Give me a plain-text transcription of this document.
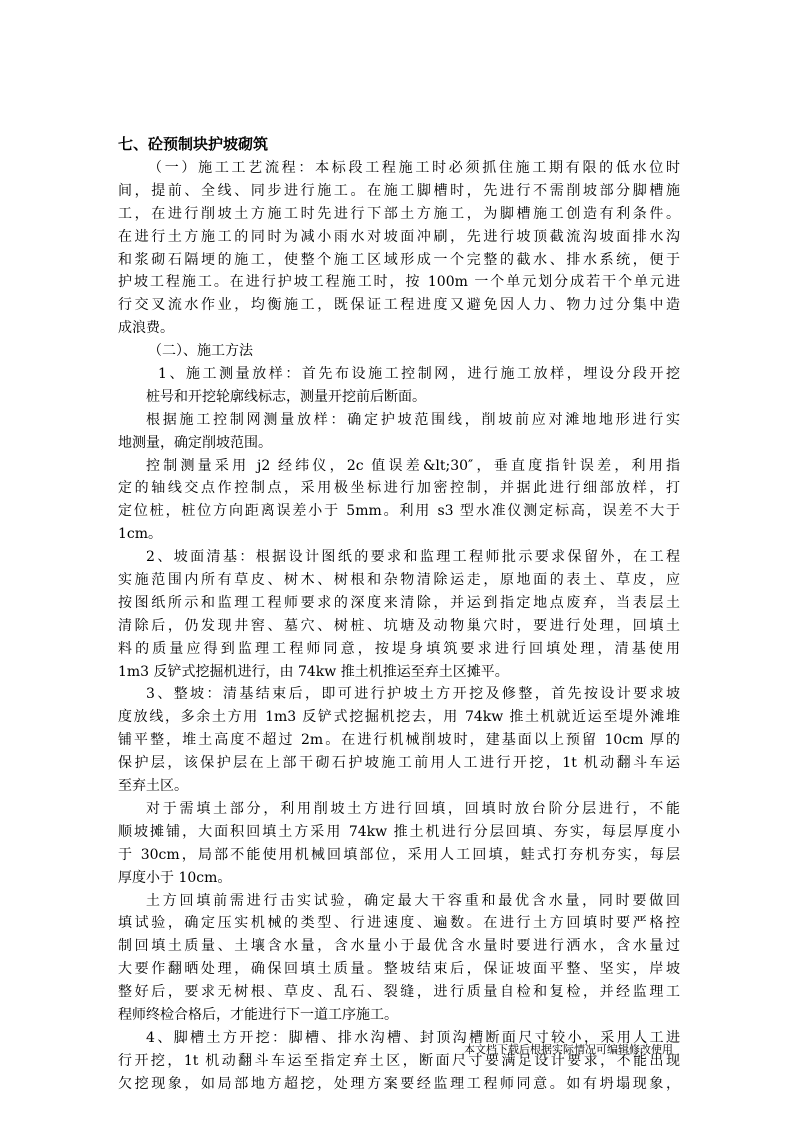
七、砼预制块护坡砌筑
（一）施工工艺流程：本标段工程施工时必须抓住施工期有限的低水位时
间，提前、全线、同步进行施工。在施工脚槽时，先进行不需削坡部分脚槽施
工，在进行削坡土方施工时先进行下部土方施工，为脚槽施工创造有利条件。
在进行土方施工的同时为减小雨水对坡面冲刷，先进行坡顶截流沟坡面排水沟
和浆砌石隔埂的施工，使整个施工区域形成一个完整的截水、排水系统，便于
护坡工程施工。在进行护坡工程施工时，按 100m 一个单元划分成若干个单元进
行交叉流水作业，均衡施工，既保证工程进度又避免因人力、物力过分集中造
成浪费。
（二）、施工方法
1、施工测量放样：首先布设施工控制网，进行施工放样，埋设分段开挖
桩号和开挖轮廓线标志，测量开挖前后断面。
根据施工控制网测量放样：确定护坡范围线，削坡前应对滩地地形进行实
地测量，确定削坡范围。
控制测量采用 j2 经纬仪，2c 值误差&lt;30″，垂直度指针误差，利用指
定的轴线交点作控制点，采用极坐标进行加密控制，并据此进行细部放样，打
定位桩，桩位方向距离误差小于 5mm。利用 s3 型水准仪测定标高，误差不大于
1cm。
2、坡面清基：根据设计图纸的要求和监理工程师批示要求保留外，在工程
实施范围内所有草皮、树木、树根和杂物清除运走，原地面的表土、草皮，应
按图纸所示和监理工程师要求的深度来清除，并运到指定地点废弃，当表层土
清除后，仍发现井窖、墓穴、树桩、坑塘及动物巢穴时，要进行处理，回填土
料的质量应得到监理工程师同意，按堤身填筑要求进行回填处理，清基使用
1m3 反铲式挖掘机进行，由 74kw 推土机推运至弃土区摊平。
3、整坡：清基结束后，即可进行护坡土方开挖及修整，首先按设计要求坡
度放线，多余土方用 1m3 反铲式挖掘机挖去，用 74kw 推土机就近运至堤外滩堆
铺平整，堆土高度不超过 2m。在进行机械削坡时，建基面以上预留 10cm 厚的
保护层，该保护层在上部干砌石护坡施工前用人工进行开挖，1t 机动翻斗车运
至弃土区。
对于需填土部分，利用削坡土方进行回填，回填时放台阶分层进行，不能
顺坡摊铺，大面积回填土方采用 74kw 推土机进行分层回填、夯实，每层厚度小
于 30cm，局部不能使用机械回填部位，采用人工回填，蛙式打夯机夯实，每层
厚度小于 10cm。
土方回填前需进行击实试验，确定最大干容重和最优含水量，同时要做回
填试验，确定压实机械的类型、行进速度、遍数。在进行土方回填时要严格控
制回填土质量、土壤含水量，含水量小于最优含水量时要进行洒水，含水量过
大要作翻晒处理，确保回填土质量。整坡结束后，保证坡面平整、坚实，岸坡
整好后，要求无树根、草皮、乱石、裂缝，进行质量自检和复检，并经监理工
程师终检合格后，才能进行下一道工序施工。
4、脚槽土方开挖：脚槽、排水沟槽、封顶沟槽断面尺寸较小，采用人工进
行开挖，1t 机动翻斗车运至指定弃土区，断面尺寸要满足设计要求，不能出现
欠挖现象，如局部地方超挖，处理方案要经监理工程师同意。如有坍塌现象，
本文档下载后根据实际情况可编辑修改使用
